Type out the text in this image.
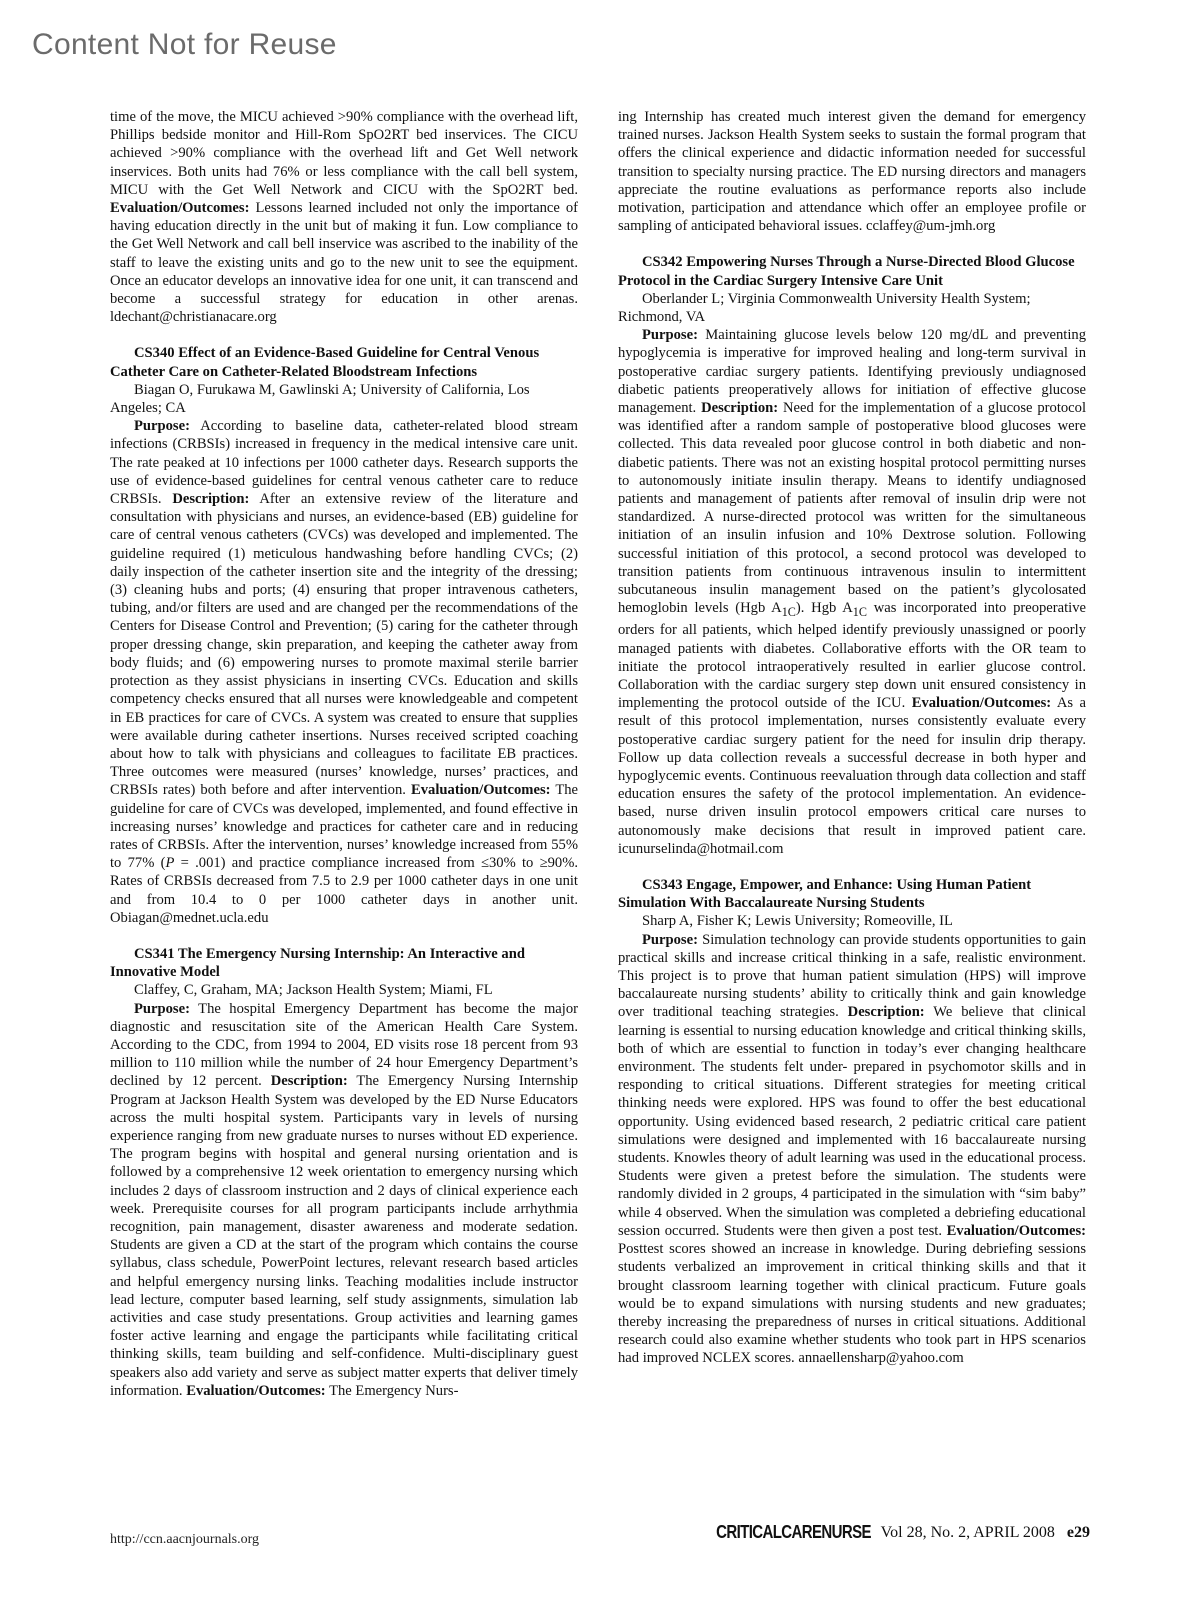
Content Not for Reuse

time of the move, the MICU achieved >90% compliance with the overhead lift, Phillips bedside monitor and Hill-Rom SpO2RT bed inservices. The CICU achieved >90% compliance with the overhead lift and Get Well network inservices. Both units had 76% or less compliance with the call bell system, MICU with the Get Well Network and CICU with the SpO2RT bed. Evaluation/Outcomes: Lessons learned included not only the importance of having education directly in the unit but of making it fun. Low compliance to the Get Well Network and call bell inservice was ascribed to the inability of the staff to leave the existing units and go to the new unit to see the equipment. Once an educator develops an innovative idea for one unit, it can transcend and become a successful strategy for education in other arenas. ldechant@christianacare.org

CS340 Effect of an Evidence-Based Guideline for Central Venous Catheter Care on Catheter-Related Bloodstream Infections

Biagan O, Furukawa M, Gawlinski A; University of California, Los Angeles; CA

Purpose: According to baseline data, catheter-related blood stream infections (CRBSIs) increased in frequency in the medical intensive care unit. The rate peaked at 10 infections per 1000 catheter days. Research supports the use of evidence-based guidelines for central venous catheter care to reduce CRBSIs. Description: After an extensive review of the literature and consultation with physicians and nurses, an evidence-based (EB) guideline for care of central venous catheters (CVCs) was developed and implemented. The guideline required (1) meticulous handwashing before handling CVCs; (2) daily inspection of the catheter insertion site and the integrity of the dressing; (3) cleaning hubs and ports; (4) ensuring that proper intravenous catheters, tubing, and/or filters are used and are changed per the recommendations of the Centers for Disease Control and Prevention; (5) caring for the catheter through proper dressing change, skin preparation, and keeping the catheter away from body fluids; and (6) empowering nurses to promote maximal sterile barrier protection as they assist physicians in inserting CVCs. Education and skills competency checks ensured that all nurses were knowledgeable and competent in EB practices for care of CVCs. A system was created to ensure that supplies were available during catheter insertions. Nurses received scripted coaching about how to talk with physicians and colleagues to facilitate EB practices. Three outcomes were measured (nurses’ knowledge, nurses’ practices, and CRBSIs rates) both before and after intervention. Evaluation/Outcomes: The guideline for care of CVCs was developed, implemented, and found effective in increasing nurses’ knowledge and practices for catheter care and in reducing rates of CRBSIs. After the intervention, nurses’ knowledge increased from 55% to 77% (P = .001) and practice compliance increased from ≤30% to ≥90%. Rates of CRBSIs decreased from 7.5 to 2.9 per 1000 catheter days in one unit and from 10.4 to 0 per 1000 catheter days in another unit. Obiagan@mednet.ucla.edu

CS341 The Emergency Nursing Internship: An Interactive and Innovative Model

Claffey, C, Graham, MA; Jackson Health System; Miami, FL

Purpose: The hospital Emergency Department has become the major diagnostic and resuscitation site of the American Health Care System. According to the CDC, from 1994 to 2004, ED visits rose 18 percent from 93 million to 110 million while the number of 24 hour Emergency Department’s declined by 12 percent. Description: The Emergency Nursing Internship Program at Jackson Health System was developed by the ED Nurse Educators across the multi hospital system. Participants vary in levels of nursing experience ranging from new graduate nurses to nurses without ED experience. The program begins with hospital and general nursing orientation and is followed by a comprehensive 12 week orientation to emergency nursing which includes 2 days of classroom instruction and 2 days of clinical experience each week. Prerequisite courses for all program participants include arrhythmia recognition, pain management, disaster awareness and moderate sedation. Students are given a CD at the start of the program which contains the course syllabus, class schedule, PowerPoint lectures, relevant research based articles and helpful emergency nursing links. Teaching modalities include instructor lead lecture, computer based learning, self study assignments, simulation lab activities and case study presentations. Group activities and learning games foster active learning and engage the participants while facilitating critical thinking skills, team building and self-confidence. Multi-disciplinary guest speakers also add variety and serve as subject matter experts that deliver timely information. Evaluation/Outcomes: The Emergency Nurs-

ing Internship has created much interest given the demand for emergency trained nurses. Jackson Health System seeks to sustain the formal program that offers the clinical experience and didactic information needed for successful transition to specialty nursing practice. The ED nursing directors and managers appreciate the routine evaluations as performance reports also include motivation, participation and attendance which offer an employee profile or sampling of anticipated behavioral issues. cclaffey@um-jmh.org

CS342 Empowering Nurses Through a Nurse-Directed Blood Glucose Protocol in the Cardiac Surgery Intensive Care Unit

Oberlander L; Virginia Commonwealth University Health System; Richmond, VA

Purpose: Maintaining glucose levels below 120 mg/dL and preventing hypoglycemia is imperative for improved healing and long-term survival in postoperative cardiac surgery patients. Identifying previously undiagnosed diabetic patients preoperatively allows for initiation of effective glucose management. Description: Need for the implementation of a glucose protocol was identified after a random sample of postoperative blood glucoses were collected. This data revealed poor glucose control in both diabetic and non-diabetic patients. There was not an existing hospital protocol permitting nurses to autonomously initiate insulin therapy. Means to identify undiagnosed patients and management of patients after removal of insulin drip were not standardized. A nurse-directed protocol was written for the simultaneous initiation of an insulin infusion and 10% Dextrose solution. Following successful initiation of this protocol, a second protocol was developed to transition patients from continuous intravenous insulin to intermittent subcutaneous insulin management based on the patient’s glycolosated hemoglobin levels (Hgb $A_{1C}$). Hgb $A_{1C}$ was incorporated into preoperative orders for all patients, which helped identify previously unassigned or poorly managed patients with diabetes. Collaborative efforts with the OR team to initiate the protocol intraoperatively resulted in earlier glucose control. Collaboration with the cardiac surgery step down unit ensured consistency in implementing the protocol outside of the ICU. Evaluation/Outcomes: As a result of this protocol implementation, nurses consistently evaluate every postoperative cardiac surgery patient for the need for insulin drip therapy. Follow up data collection reveals a successful decrease in both hyper and hypoglycemic events. Continuous reevaluation through data collection and staff education ensures the safety of the protocol implementation. An evidence-based, nurse driven insulin protocol empowers critical care nurses to autonomously make decisions that result in improved patient care. icunurselinda@hotmail.com

CS343 Engage, Empower, and Enhance: Using Human Patient Simulation With Baccalaureate Nursing Students

Sharp A, Fisher K; Lewis University; Romeoville, IL

Purpose: Simulation technology can provide students opportunities to gain practical skills and increase critical thinking in a safe, realistic environment. This project is to prove that human patient simulation (HPS) will improve baccalaureate nursing students’ ability to critically think and gain knowledge over traditional teaching strategies. Description: We believe that clinical learning is essential to nursing education knowledge and critical thinking skills, both of which are essential to function in today’s ever changing healthcare environment. The students felt under- prepared in psychomotor skills and in responding to critical situations. Different strategies for meeting critical thinking needs were explored. HPS was found to offer the best educational opportunity. Using evidenced based research, 2 pediatric critical care patient simulations were designed and implemented with 16 baccalaureate nursing students. Knowles theory of adult learning was used in the educational process. Students were given a pretest before the simulation. The students were randomly divided in 2 groups, 4 participated in the simulation with “sim baby” while 4 observed. When the simulation was completed a debriefing educational session occurred. Students were then given a post test. Evaluation/Outcomes: Posttest scores showed an increase in knowledge. During debriefing sessions students verbalized an improvement in critical thinking skills and that it brought classroom learning together with clinical practicum. Future goals would be to expand simulations with nursing students and new graduates; thereby increasing the preparedness of nurses in critical situations. Additional research could also examine whether students who took part in HPS scenarios had improved NCLEX scores. annaellensharp@yahoo.com

http://ccn.aacnjournals.org	CRITICALCARENURSE Vol 28, No. 2, APRIL 2008 e29
